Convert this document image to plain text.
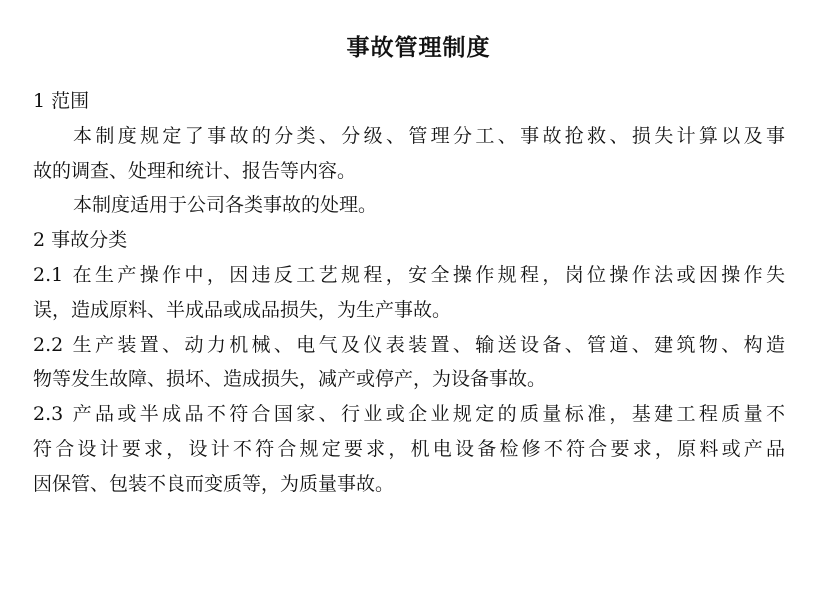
事故管理制度
1 范围
本制度规定了事故的分类、分级、管理分工、事故抢救、损失计算以及事
故的调查、处理和统计、报告等内容。
本制度适用于公司各类事故的处理。
2 事故分类
2.1 在生产操作中，因违反工艺规程，安全操作规程，岗位操作法或因操作失
误，造成原料、半成品或成品损失，为生产事故。
2.2 生产装置、动力机械、电气及仪表装置、输送设备、管道、建筑物、构造
物等发生故障、损坏、造成损失，减产或停产，为设备事故。
2.3 产品或半成品不符合国家、行业或企业规定的质量标准，基建工程质量不
符合设计要求，设计不符合规定要求，机电设备检修不符合要求，原料或产品
因保管、包装不良而变质等，为质量事故。
